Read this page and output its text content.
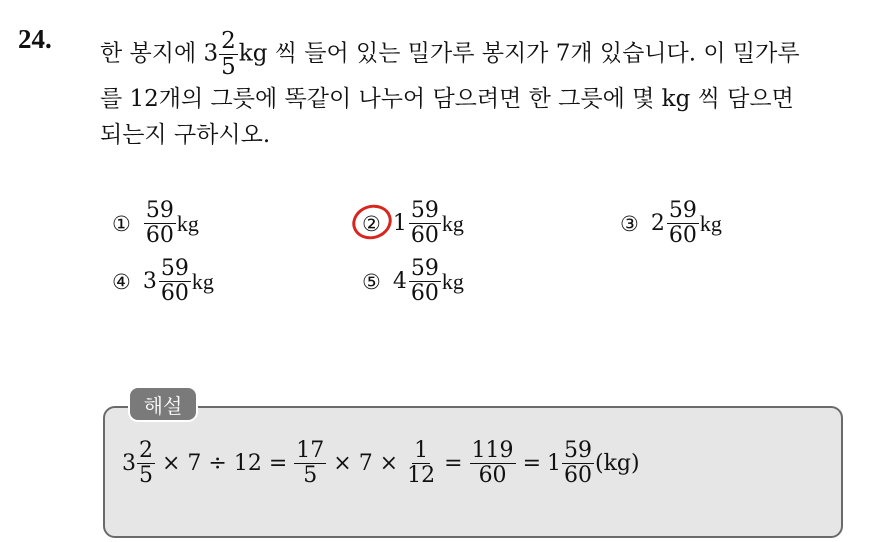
24. 한 봉지에 $3 \frac{2}{5}$ kg 씩 들어 있는 밀가루 봉지가 7개 있습니다. 이 밀가루
를 12개의 그릇에 똑같이 나누어 담으려면 한 그릇에 몇 kg 씩 담으면
되는지 구하시오.
① $\frac{59}{60}$ kg	② $1 \frac{59}{60}$ kg	③ $2 \frac{59}{60}$ kg
④ $3 \frac{59}{60}$ kg	⑤ $4 \frac{59}{60}$ kg
해설
$3 \frac{2}{5} \times 7 \div 12 = \frac{17}{5} \times 7 \times \frac{1}{12} = \frac{119}{60} = 1 \frac{59}{60} (kg)$
